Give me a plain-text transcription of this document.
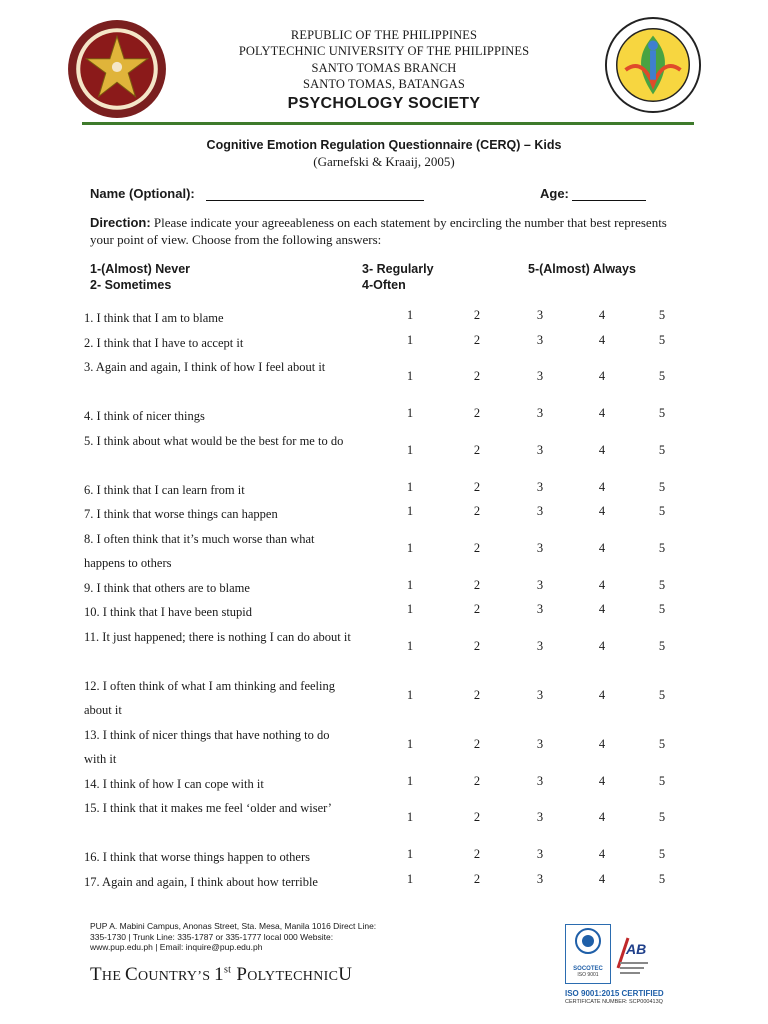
REPUBLIC OF THE PHILIPPINES
POLYTECHNIC UNIVERSITY OF THE PHILIPPINES
SANTO TOMAS BRANCH
SANTO TOMAS, BATANGAS
PSYCHOLOGY SOCIETY
Cognitive Emotion Regulation Questionnaire (CERQ) – Kids
(Garnefski & Kraaij, 2005)
Name (Optional):	Age:
Direction: Please indicate your agreeableness on each statement by encircling the number that best represents your point of view. Choose from the following answers:
1-(Almost) Never
2- Sometimes
3- Regularly
4-Often
5-(Almost) Always
1. I think that I am to blame	1	2	3	4	5
2. I think that I have to accept it	1	2	3	4	5
3. Again and again, I think of how I feel about it
1	2	3	4	5
4. I think of nicer things	1	2	3	4	5
5. I think about what would be the best for me to do
1	2	3	4	5
6. I think that I can learn from it	1	2	3	4	5
7. I think that worse things can happen	1	2	3	4	5
8. I often think that it’s much worse than what happens to others
1	2	3	4	5
9. I think that others are to blame	1	2	3	4	5
10. I think that I have been stupid	1	2	3	4	5
11. It just happened; there is nothing I can do about it
1	2	3	4	5
12. I often think of what I am thinking and feeling about it
1	2	3	4	5
13. I think of nicer things that have nothing to do with it
1	2	3	4	5
14. I think of how I can cope with it	1	2	3	4	5
15. I think that it makes me feel ‘older and wiser’
1	2	3	4	5
16. I think that worse things happen to others	1	2	3	4	5
17. Again and again, I think about how terrible	1	2	3	4	5
PUP A. Mabini Campus, Anonas Street, Sta. Mesa, Manila 1016 Direct Line: 335-1730 | Trunk Line: 335-1787 or 335-1777 local 000 Website: www.pup.edu.ph | Email: inquire@pup.edu.ph
THE COUNTRY’S 1st POLYTECHNICU	SOCOTEC
ISO 9001
AB
ISO 9001:2015 CERTIFIED
CERTIFICATE NUMBER: SCP000413Q
